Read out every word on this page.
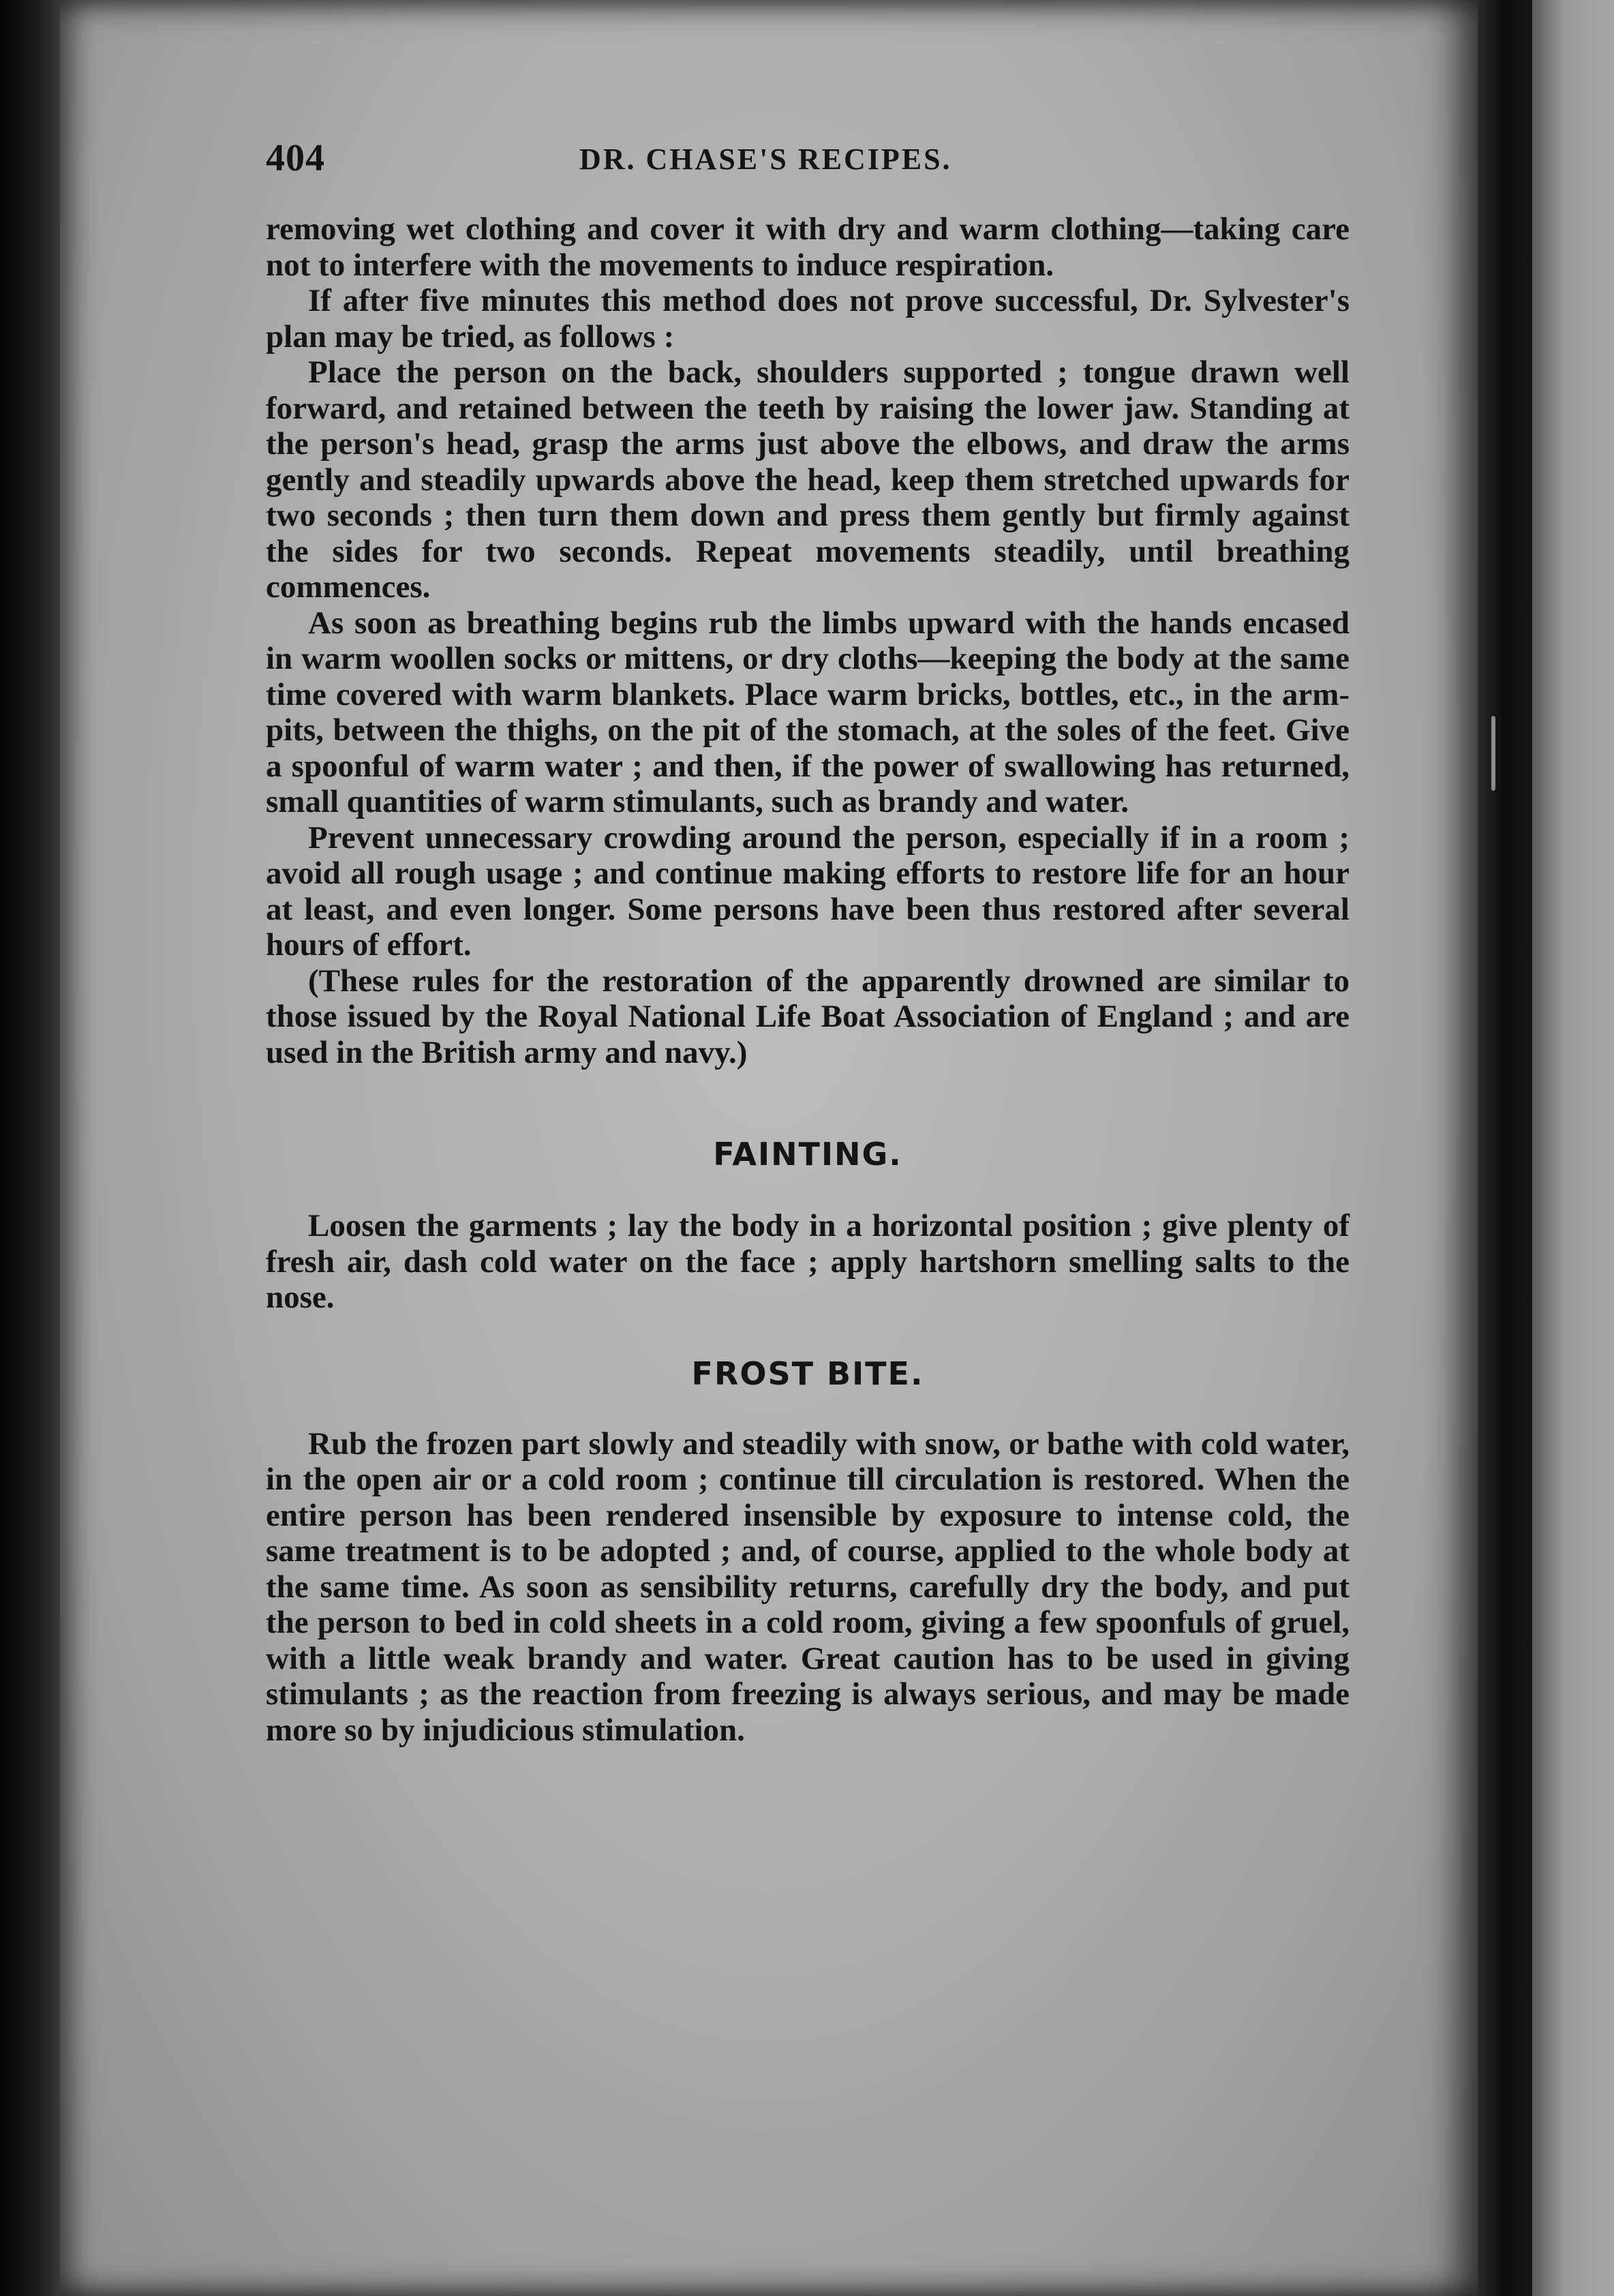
404	DR. CHASE'S RECIPES.

removing wet clothing and cover it with dry and warm clothing—taking care not to interfere with the movements to induce respiration.

If after five minutes this method does not prove successful, Dr. Sylvester's plan may be tried, as follows :

Place the person on the back, shoulders supported ; tongue drawn well forward, and retained between the teeth by raising the lower jaw. Standing at the person's head, grasp the arms just above the elbows, and draw the arms gently and steadily upwards above the head, keep them stretched upwards for two seconds ; then turn them down and press them gently but firmly against the sides for two seconds. Repeat movements steadily, until breathing commences.

As soon as breathing begins rub the limbs upward with the hands encased in warm woollen socks or mittens, or dry cloths—keeping the body at the same time covered with warm blankets. Place warm bricks, bottles, etc., in the arm-pits, between the thighs, on the pit of the stomach, at the soles of the feet. Give a spoonful of warm water ; and then, if the power of swallowing has returned, small quantities of warm stimulants, such as brandy and water.

Prevent unnecessary crowding around the person, especially if in a room ; avoid all rough usage ; and continue making efforts to restore life for an hour at least, and even longer. Some persons have been thus restored after several hours of effort.

(These rules for the restoration of the apparently drowned are similar to those issued by the Royal National Life Boat Association of England ; and are used in the British army and navy.)

FAINTING.

Loosen the garments ; lay the body in a horizontal position ; give plenty of fresh air, dash cold water on the face ; apply hartshorn smelling salts to the nose.

FROST BITE.

Rub the frozen part slowly and steadily with snow, or bathe with cold water, in the open air or a cold room ; continue till circulation is restored. When the entire person has been rendered insensible by exposure to intense cold, the same treatment is to be adopted ; and, of course, applied to the whole body at the same time. As soon as sensibility returns, carefully dry the body, and put the person to bed in cold sheets in a cold room, giving a few spoonfuls of gruel, with a little weak brandy and water. Great caution has to be used in giving stimulants ; as the reaction from freezing is always serious, and may be made more so by injudicious stimulation.
